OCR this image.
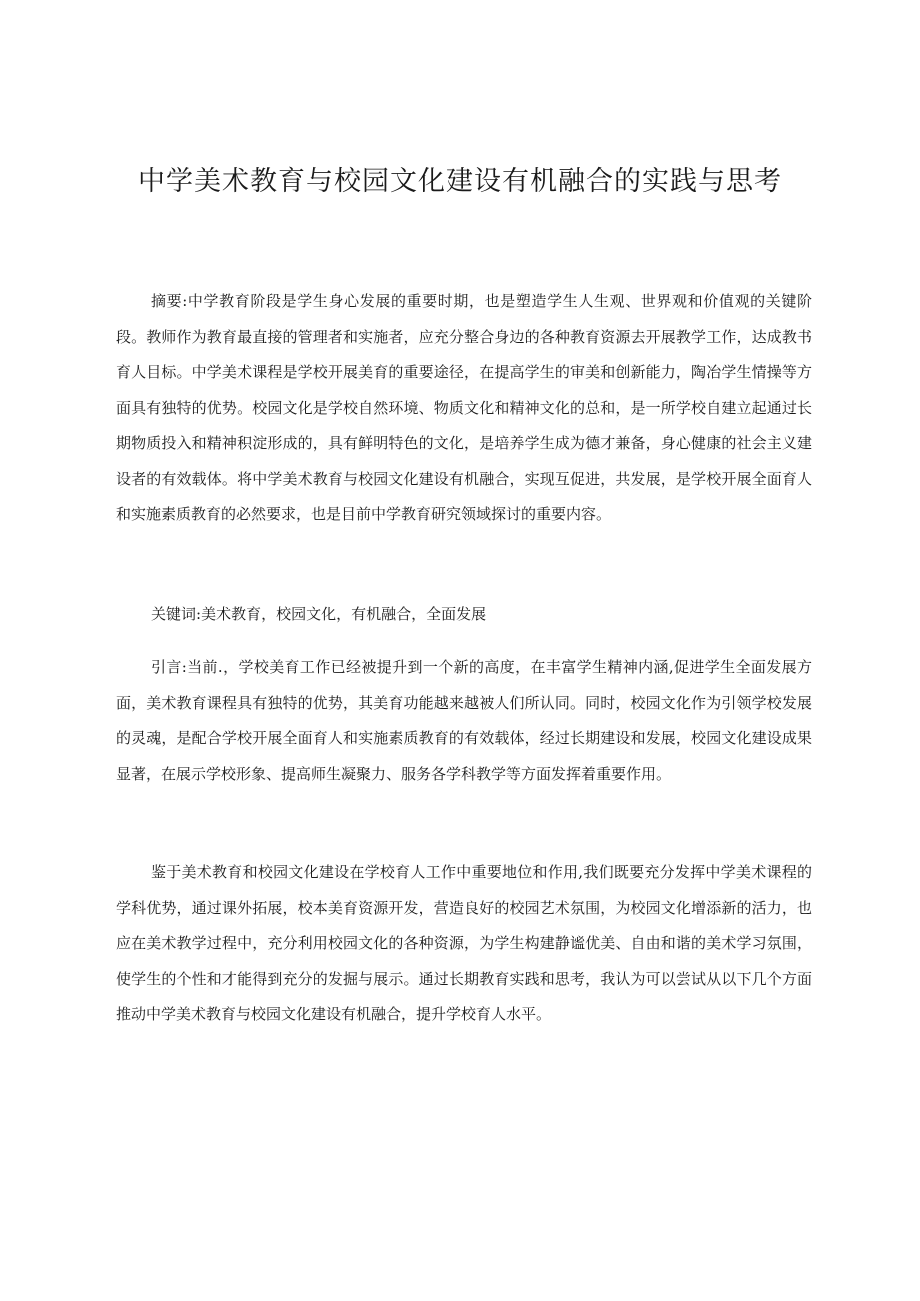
中学美术教育与校园文化建设有机融合的实践与思考

摘要:中学教育阶段是学生身心发展的重要时期，也是塑造学生人生观、世界观和价值观的关键阶段。教师作为教育最直接的管理者和实施者，应充分整合身边的各种教育资源去开展教学工作，达成教书育人目标。中学美术课程是学校开展美育的重要途径，在提高学生的审美和创新能力，陶冶学生情操等方面具有独特的优势。校园文化是学校自然环境、物质文化和精神文化的总和，是一所学校自建立起通过长期物质投入和精神积淀形成的，具有鲜明特色的文化，是培养学生成为德才兼备，身心健康的社会主义建设者的有效载体。将中学美术教育与校园文化建设有机融合，实现互促进，共发展，是学校开展全面育人和实施素质教育的必然要求，也是目前中学教育研究领域探讨的重要内容。

关键词:美术教育，校园文化，有机融合，全面发展

引言:当前.，学校美育工作已经被提升到一个新的高度，在丰富学生精神内涵,促进学生全面发展方面，美术教育课程具有独特的优势，其美育功能越来越被人们所认同。同时，校园文化作为引领学校发展的灵魂，是配合学校开展全面育人和实施素质教育的有效载体，经过长期建设和发展，校园文化建设成果显著，在展示学校形象、提高师生凝聚力、服务各学科教学等方面发挥着重要作用。

鉴于美术教育和校园文化建设在学校育人工作中重要地位和作用,我们既要充分发挥中学美术课程的学科优势，通过课外拓展，校本美育资源开发，营造良好的校园艺术氛围，为校园文化增添新的活力，也应在美术教学过程中，充分利用校园文化的各种资源，为学生构建静谧优美、自由和谐的美术学习氛围，使学生的个性和才能得到充分的发掘与展示。通过长期教育实践和思考，我认为可以尝试从以下几个方面推动中学美术教育与校园文化建设有机融合，提升学校育人水平。
